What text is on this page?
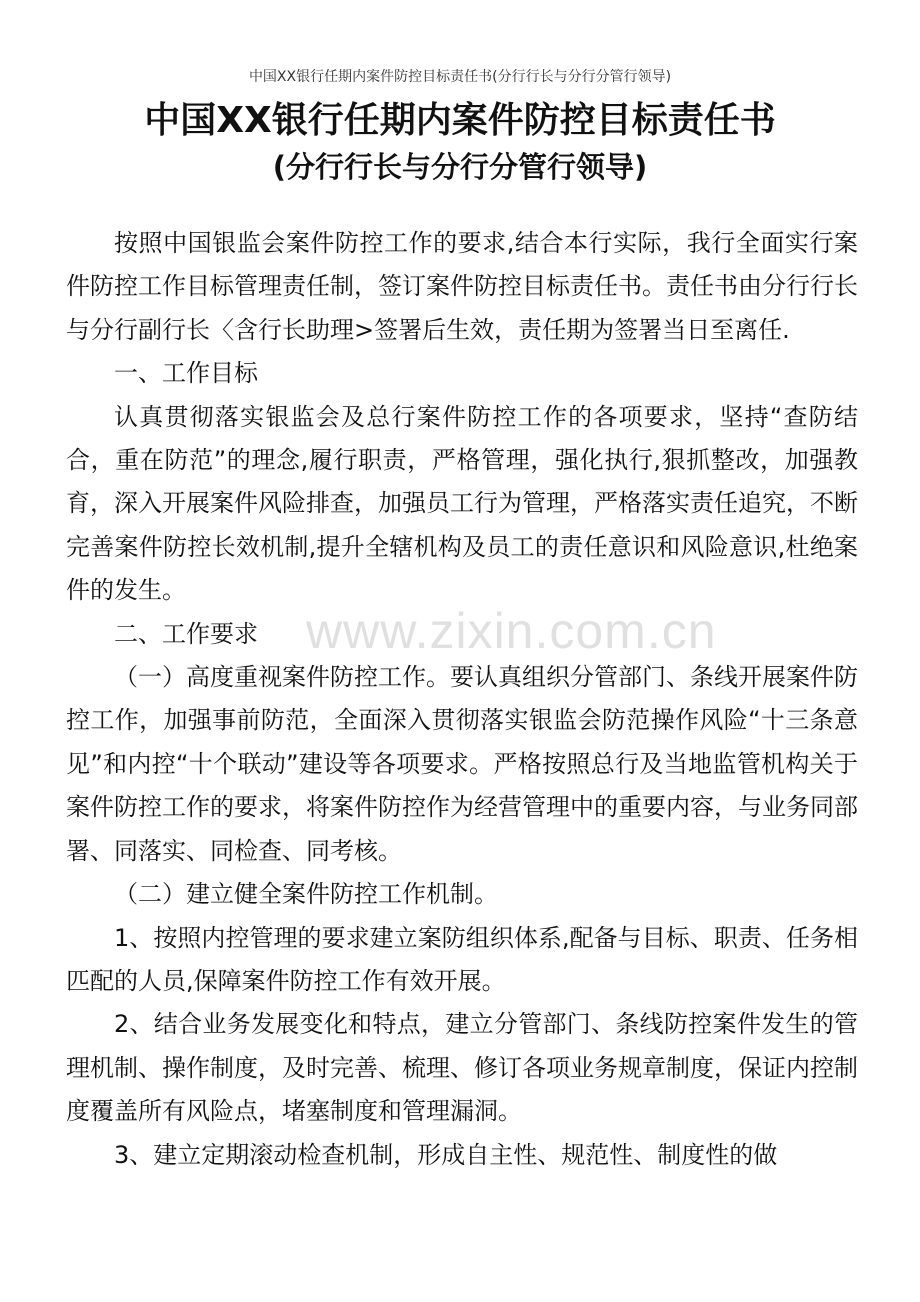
中国XX银行任期内案件防控目标责任书(分行行长与分行分管行领导)
中国XX银行任期内案件防控目标责任书
(分行行长与分行分管行领导)

按照中国银监会案件防控工作的要求,结合本行实际，我行全面实行案件防控工作目标管理责任制，签订案件防控目标责任书。责任书由分行行长与分行副行长〈含行长助理>签署后生效，责任期为签署当日至离任.

一、工作目标

认真贯彻落实银监会及总行案件防控工作的各项要求，坚持“查防结合，重在防范”的理念,履行职责，严格管理，强化执行,狠抓整改，加强教育，深入开展案件风险排查，加强员工行为管理，严格落实责任追究，不断完善案件防控长效机制,提升全辖机构及员工的责任意识和风险意识,杜绝案件的发生。

二、工作要求

（一）高度重视案件防控工作。要认真组织分管部门、条线开展案件防控工作，加强事前防范，全面深入贯彻落实银监会防范操作风险“十三条意见”和内控“十个联动”建设等各项要求。严格按照总行及当地监管机构关于案件防控工作的要求，将案件防控作为经营管理中的重要内容，与业务同部署、同落实、同检查、同考核。

（二）建立健全案件防控工作机制。

1、按照内控管理的要求建立案防组织体系,配备与目标、职责、任务相匹配的人员,保障案件防控工作有效开展。

2、结合业务发展变化和特点，建立分管部门、条线防控案件发生的管理机制、操作制度，及时完善、梳理、修订各项业务规章制度，保证内控制度覆盖所有风险点，堵塞制度和管理漏洞。

3、建立定期滚动检查机制，形成自主性、规范性、制度性的做

www.zixin.com.cn
